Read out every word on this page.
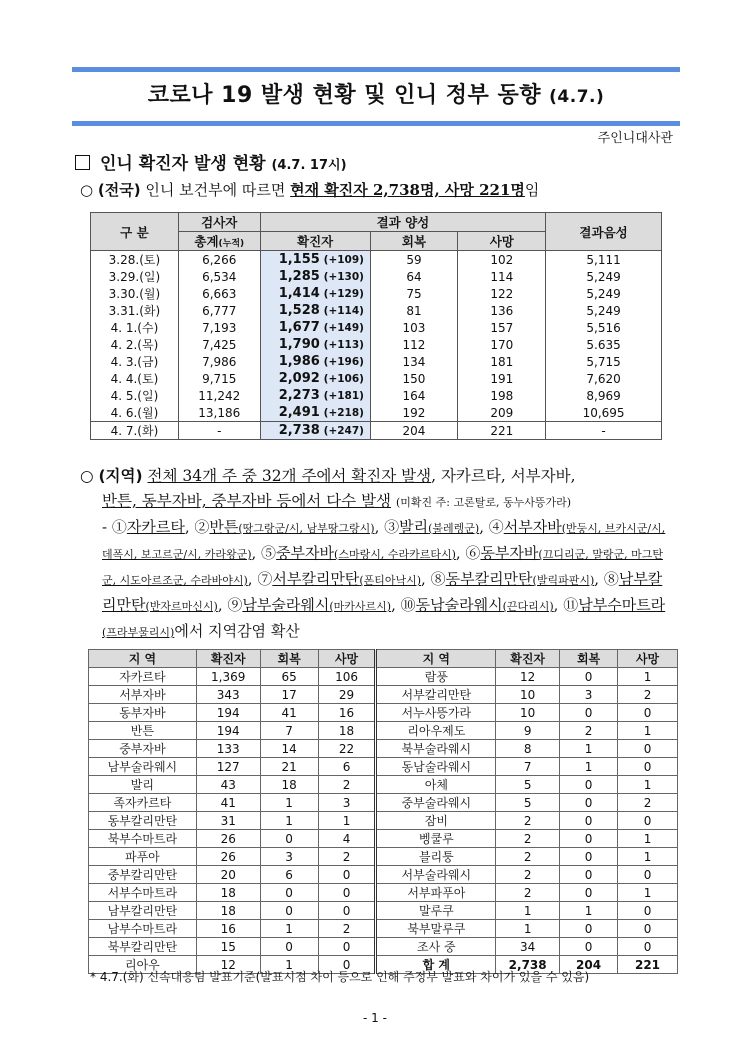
코로나 19 발생 현황 및 인니 정부 동향 (4.7.)
주인니대사관
인니 확진자 발생 현황 (4.7. 17시)
○ (전국) 인니 보건부에 따르면 현재 확진자 2,738명, 사망 221명임
구 분	검사자	결과 양성			결과음성
	총계(누적)	확진자	회복	사망	
3.28.(토)	6,266	1,155 (+109)	59	102	5,111
3.29.(일)	6,534	1,285 (+130)	64	114	5,249
3.30.(월)	6,663	1,414 (+129)	75	122	5,249
3.31.(화)	6,777	1,528 (+114)	81	136	5,249
4. 1.(수)	7,193	1,677 (+149)	103	157	5,516
4. 2.(목)	7,425	1,790 (+113)	112	170	5.635
4. 3.(금)	7,986	1,986 (+196)	134	181	5,715
4. 4.(토)	9,715	2,092 (+106)	150	191	7,620
4. 5.(일)	11,242	2,273 (+181)	164	198	8,969
4. 6.(월)	13,186	2,491 (+218)	192	209	10,695
4. 7.(화)	-	2,738 (+247)	204	221	-
○ (지역) 전체 34개 주 중 32개 주에서 확진자 발생, 자카르타, 서부자바,
반튼, 동부자바, 중부자바 등에서 다수 발생 (미확진 주: 고론탈로, 동누사뜽가라)
- ①자카르타, ②반튼(땅그랑군/시, 남부땅그랑시), ③발리(불레렝군), ④서부자바(반둥시, 브카시군/시, 데폭시, 보고르군/시, 카라왕군), ⑤중부자바(스마랑시, 수라카르타시), ⑥동부자바(끄디리군, 말랑군, 마그탄군, 시도아르조군, 수라바야시), ⑦서부칼리만탄(폰티아낙시), ⑧동부칼리만탄(발릭파판시), ⑧남부칼리만탄(반자르마신시), ⑨남부술라웨시(마카사르시), ⑩동남술라웨시(끈다리시), ⑪남부수마트라(프라부물리시)에서 지역감염 확산
지 역	확진자	회복	사망	지 역	확진자	회복	사망
자카르타	1,369	65	106	람풍	12	0	1
서부자바	343	17	29	서부칼리만탄	10	3	2
동부자바	194	41	16	서누사뜽가라	10	0	0
반튼	194	7	18	리아우제도	9	2	1
중부자바	133	14	22	북부술라웨시	8	1	0
남부술라웨시	127	21	6	동남술라웨시	7	1	0
발리	43	18	2	아체	5	0	1
족자카르타	41	1	3	중부술라웨시	5	0	2
동부칼리만탄	31	1	1	잠비	2	0	0
북부수마트라	26	0	4	벵쿨루	2	0	1
파푸아	26	3	2	블리퉁	2	0	1
중부칼리만탄	20	6	0	서부술라웨시	2	0	0
서부수마트라	18	0	0	서부파푸아	2	0	1
남부칼리만탄	18	0	0	말루쿠	1	1	0
남부수마트라	16	1	2	북부말루쿠	1	0	0
북부칼리만탄	15	0	0	조사 중	34	0	0
리아우	12	1	0	합 계	2,738	204	221
* 4.7.(화) 신속대응팀 발표기준(발표시점 차이 등으로 인해 주정부 발표와 차이가 있을 수 있음)
- 1 -
